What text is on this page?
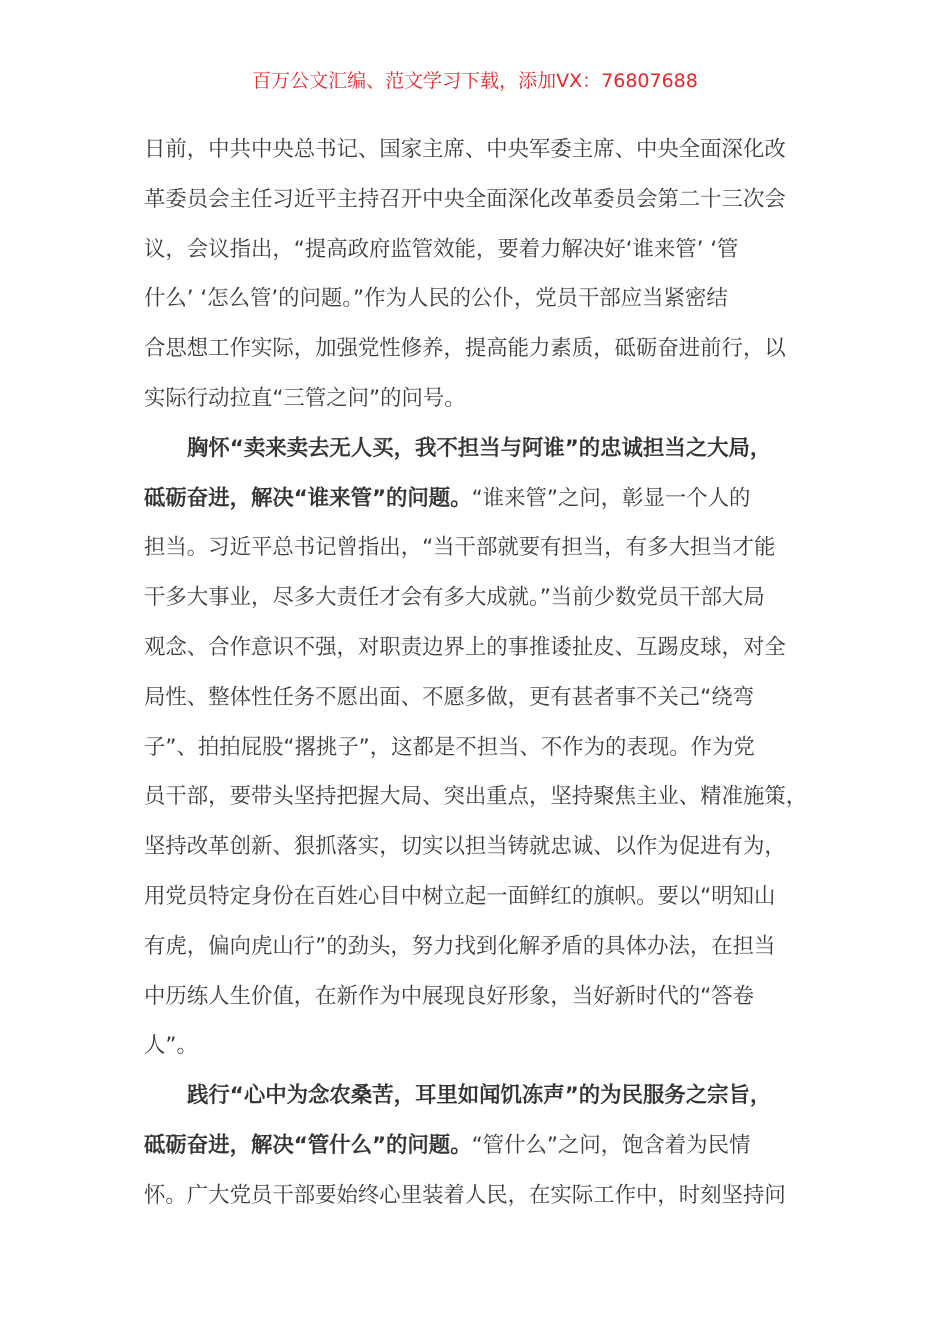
百万公文汇编、范文学习下载，添加VX：76807688
日前，中共中央总书记、国家主席、中央军委主席、中央全面深化改
革委员会主任习近平主持召开中央全面深化改革委员会第二十三次会
议，会议指出，“提高政府监管效能，要着力解决好‘谁来管’ ‘管
什么’ ‘怎么管’的问题。”作为人民的公仆，党员干部应当紧密结
合思想工作实际，加强党性修养，提高能力素质，砥砺奋进前行，以
实际行动拉直“三管之问”的问号。
胸怀“卖来卖去无人买，我不担当与阿谁”的忠诚担当之大局，
砥砺奋进，解决“谁来管”的问题。“谁来管”之问，彰显一个人的
担当。习近平总书记曾指出，“当干部就要有担当，有多大担当才能
干多大事业，尽多大责任才会有多大成就。”当前少数党员干部大局
观念、合作意识不强，对职责边界上的事推诿扯皮、互踢皮球，对全
局性、整体性任务不愿出面、不愿多做，更有甚者事不关己“绕弯
子”、拍拍屁股“撂挑子”，这都是不担当、不作为的表现。作为党
员干部，要带头坚持把握大局、突出重点，坚持聚焦主业、精准施策，
坚持改革创新、狠抓落实，切实以担当铸就忠诚、以作为促进有为，
用党员特定身份在百姓心目中树立起一面鲜红的旗帜。要以“明知山
有虎，偏向虎山行”的劲头，努力找到化解矛盾的具体办法，在担当
中历练人生价值，在新作为中展现良好形象，当好新时代的“答卷
人”。
践行“心中为念农桑苦，耳里如闻饥冻声”的为民服务之宗旨，
砥砺奋进，解决“管什么”的问题。“管什么”之问，饱含着为民情
怀。广大党员干部要始终心里装着人民，在实际工作中，时刻坚持问
